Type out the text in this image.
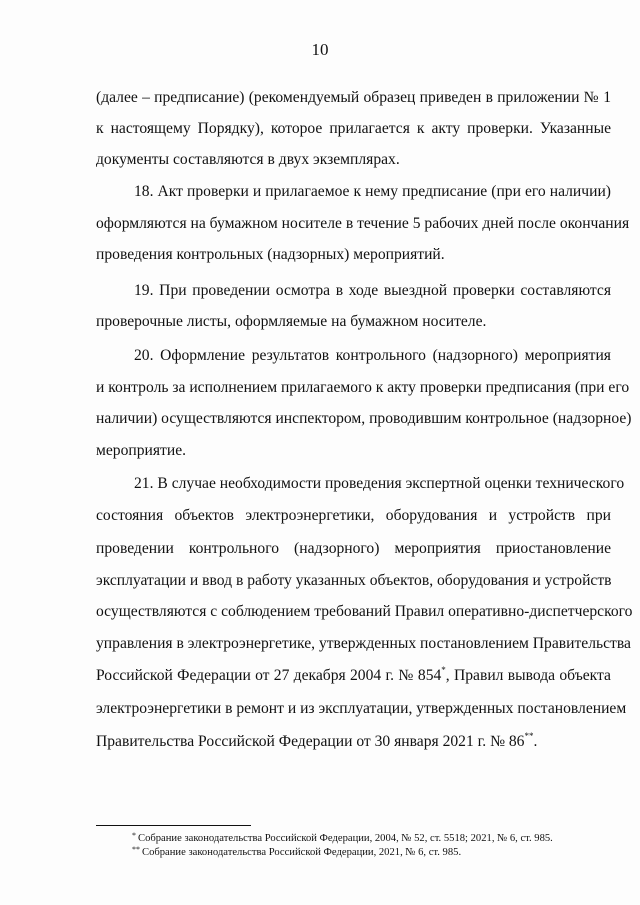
10
(далее – предписание) (рекомендуемый образец приведен в приложении № 1
к настоящему Порядку), которое прилагается к акту проверки. Указанные
документы составляются в двух экземплярах.
18. Акт проверки и прилагаемое к нему предписание (при его наличии)
оформляются на бумажном носителе в течение 5 рабочих дней после окончания
проведения контрольных (надзорных) мероприятий.
19. При проведении осмотра в ходе выездной проверки составляются
проверочные листы, оформляемые на бумажном носителе.
20. Оформление результатов контрольного (надзорного) мероприятия
и контроль за исполнением прилагаемого к акту проверки предписания (при его
наличии) осуществляются инспектором, проводившим контрольное (надзорное)
мероприятие.
21. В случае необходимости проведения экспертной оценки технического
состояния объектов электроэнергетики, оборудования и устройств при
проведении контрольного (надзорного) мероприятия приостановление
эксплуатации и ввод в работу указанных объектов, оборудования и устройств
осуществляются с соблюдением требований Правил оперативно-диспетчерского
управления в электроэнергетике, утвержденных постановлением Правительства
Российской Федерации от 27 декабря 2004 г. № 854*, Правил вывода объекта
электроэнергетики в ремонт и из эксплуатации, утвержденных постановлением
Правительства Российской Федерации от 30 января 2021 г. № 86**.
* Собрание законодательства Российской Федерации, 2004, № 52, ст. 5518; 2021, № 6, ст. 985.
** Собрание законодательства Российской Федерации, 2021, № 6, ст. 985.
